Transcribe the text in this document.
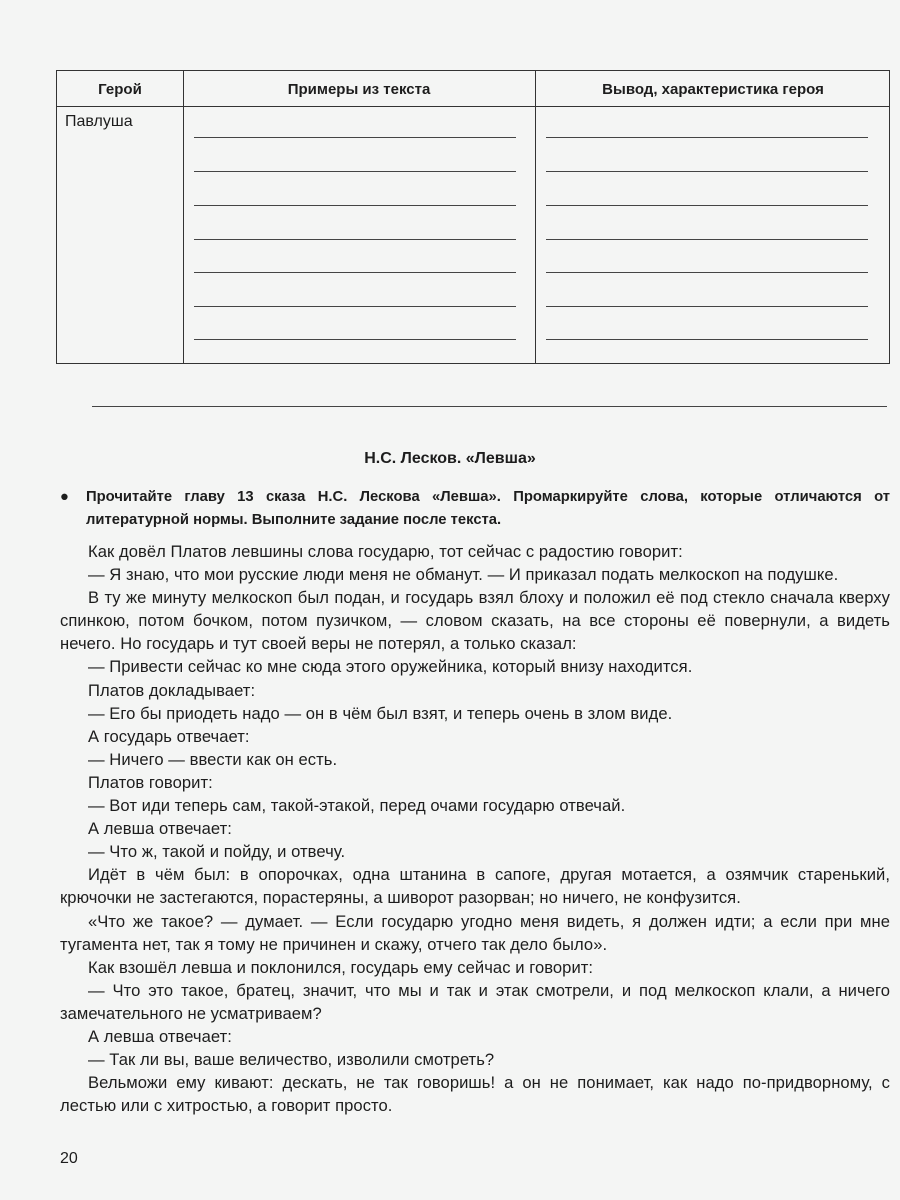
Герой	Примеры из текста	Вывод, характеристика героя
Павлуша
Н.С. Лесков. «Левша»
●	Прочитайте главу 13 сказа Н.С. Лескова «Левша». Промаркируйте слова, которые отличаются от литературной нормы. Выполните задание после текста.

Как довёл Платов левшины слова государю, тот сейчас с радостию говорит:

— Я знаю, что мои русские люди меня не обманут. — И приказал подать мелкоскоп на подушке.

В ту же минуту мелкоскоп был подан, и государь взял блоху и положил её под стекло сначала кверху спинкою, потом бочком, потом пузичком, — словом сказать, на все стороны её повернули, а видеть нечего. Но государь и тут своей веры не потерял, а только сказал:

— Привести сейчас ко мне сюда этого оружейника, который внизу находится.

Платов докладывает:

— Его бы приодеть надо — он в чём был взят, и теперь очень в злом виде.

А государь отвечает:

— Ничего — ввести как он есть.

Платов говорит:

— Вот иди теперь сам, такой-этакой, перед очами государю отвечай.

А левша отвечает:

— Что ж, такой и пойду, и отвечу.

Идёт в чём был: в опорочках, одна штанина в сапоге, другая мотается, а озямчик старенький, крючочки не застегаются, порастеряны, а шиворот разорван; но ничего, не конфузится.

«Что же такое? — думает. — Если государю угодно меня видеть, я должен идти; а если при мне тугамента нет, так я тому не причинен и скажу, отчего так дело было».

Как взошёл левша и поклонился, государь ему сейчас и говорит:

— Что это такое, братец, значит, что мы и так и этак смотрели, и под мелкоскоп клали, а ничего замечательного не усматриваем?

А левша отвечает:

— Так ли вы, ваше величество, изволили смотреть?

Вельможи ему кивают: дескать, не так говоришь! а он не понимает, как надо по-придворному, с лестью или с хитростью, а говорит просто.

20
